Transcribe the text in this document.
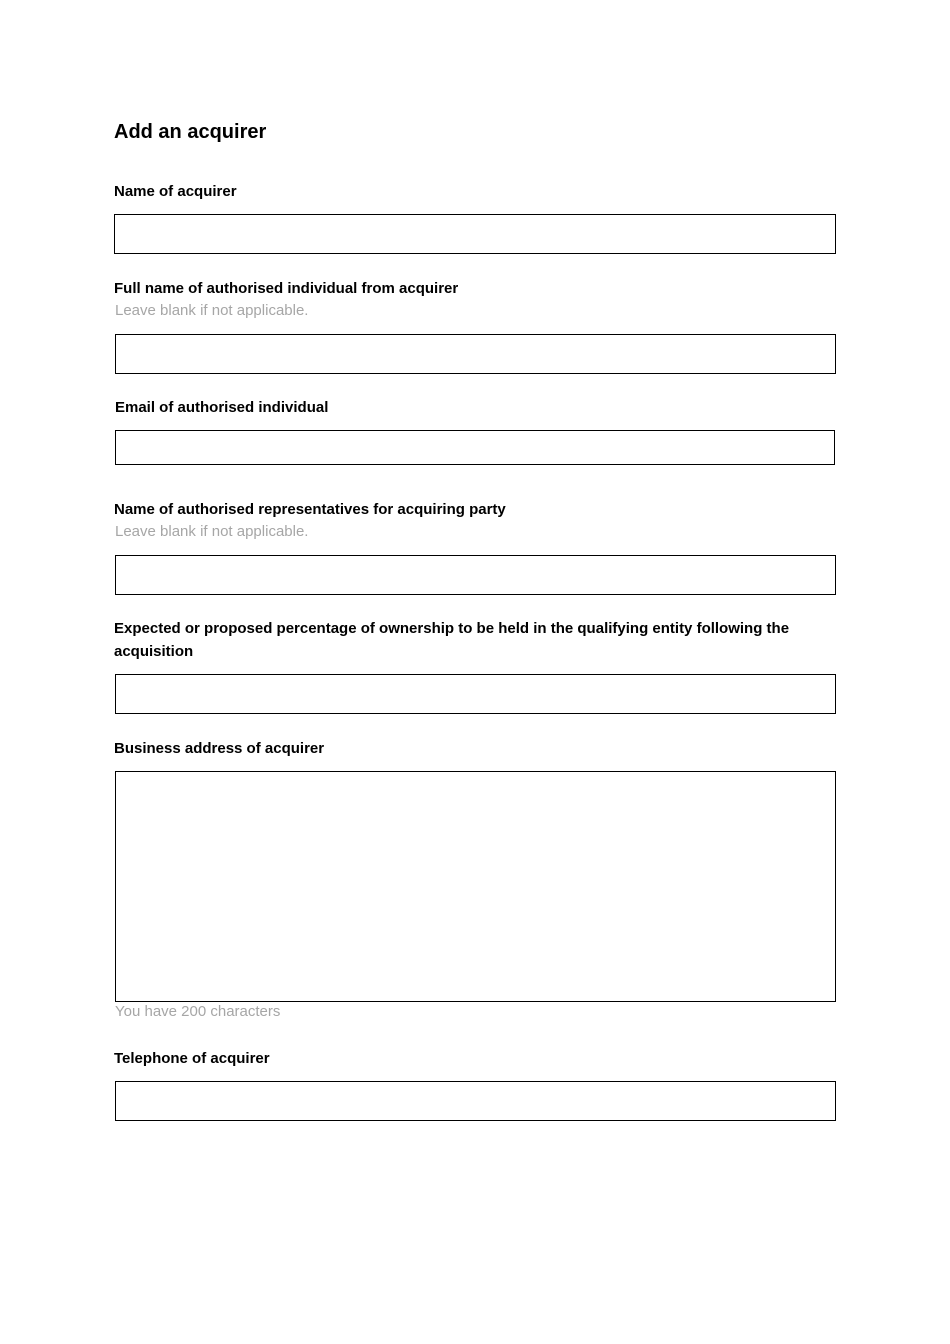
Add an acquirer
Name of acquirer
Full name of authorised individual from acquirer
Leave blank if not applicable.
Email of authorised individual
Name of authorised representatives for acquiring party
Leave blank if not applicable.
Expected or proposed percentage of ownership to be held in the qualifying entity following the acquisition
Business address of acquirer
You have 200 characters
Telephone of acquirer
